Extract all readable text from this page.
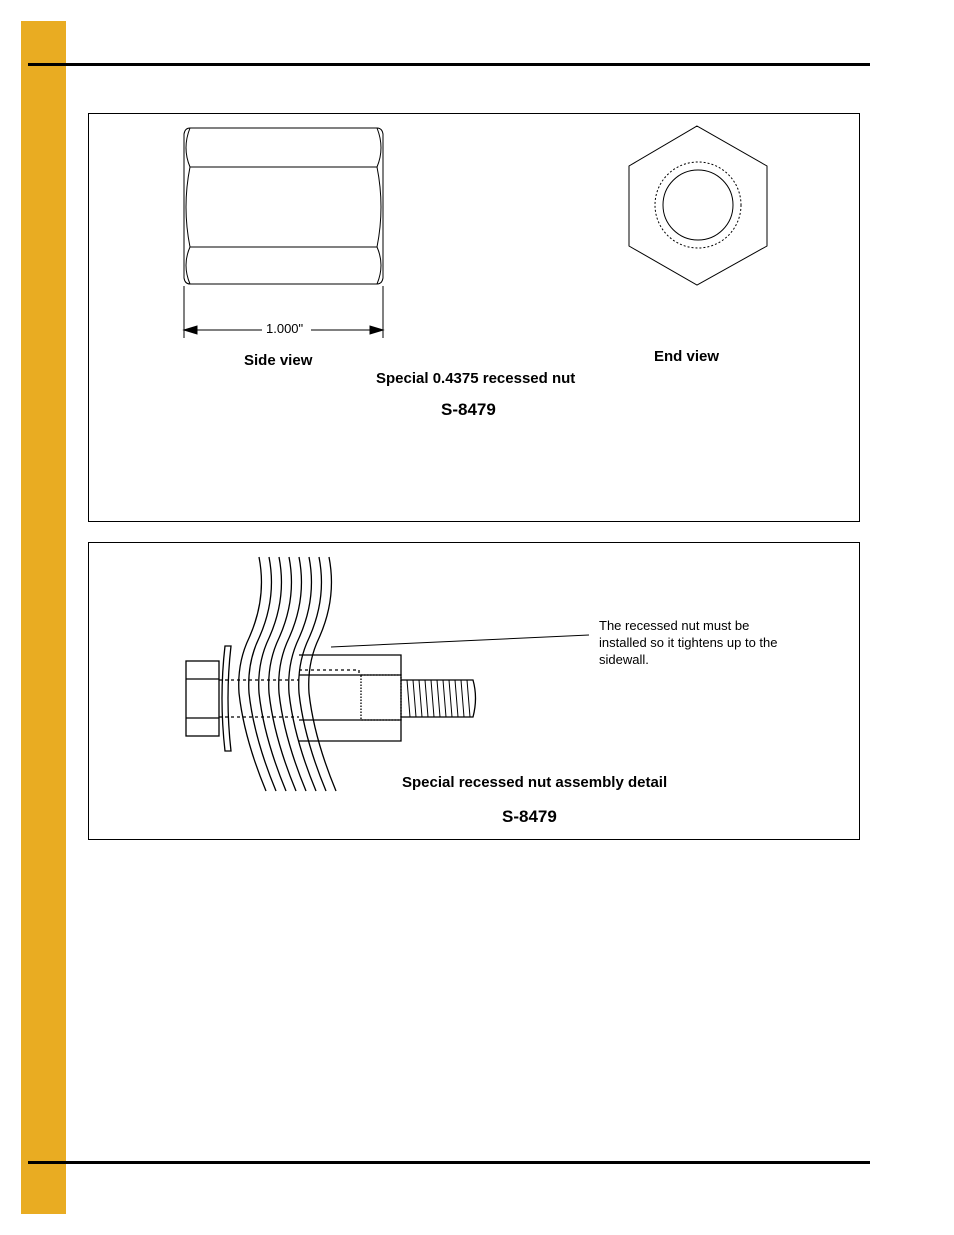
1.000"
Side view	End view
Special 0.4375 recessed nut
S-8479
The recessed nut must be installed so it tightens up to the sidewall.
Special recessed nut assembly detail
S-8479
